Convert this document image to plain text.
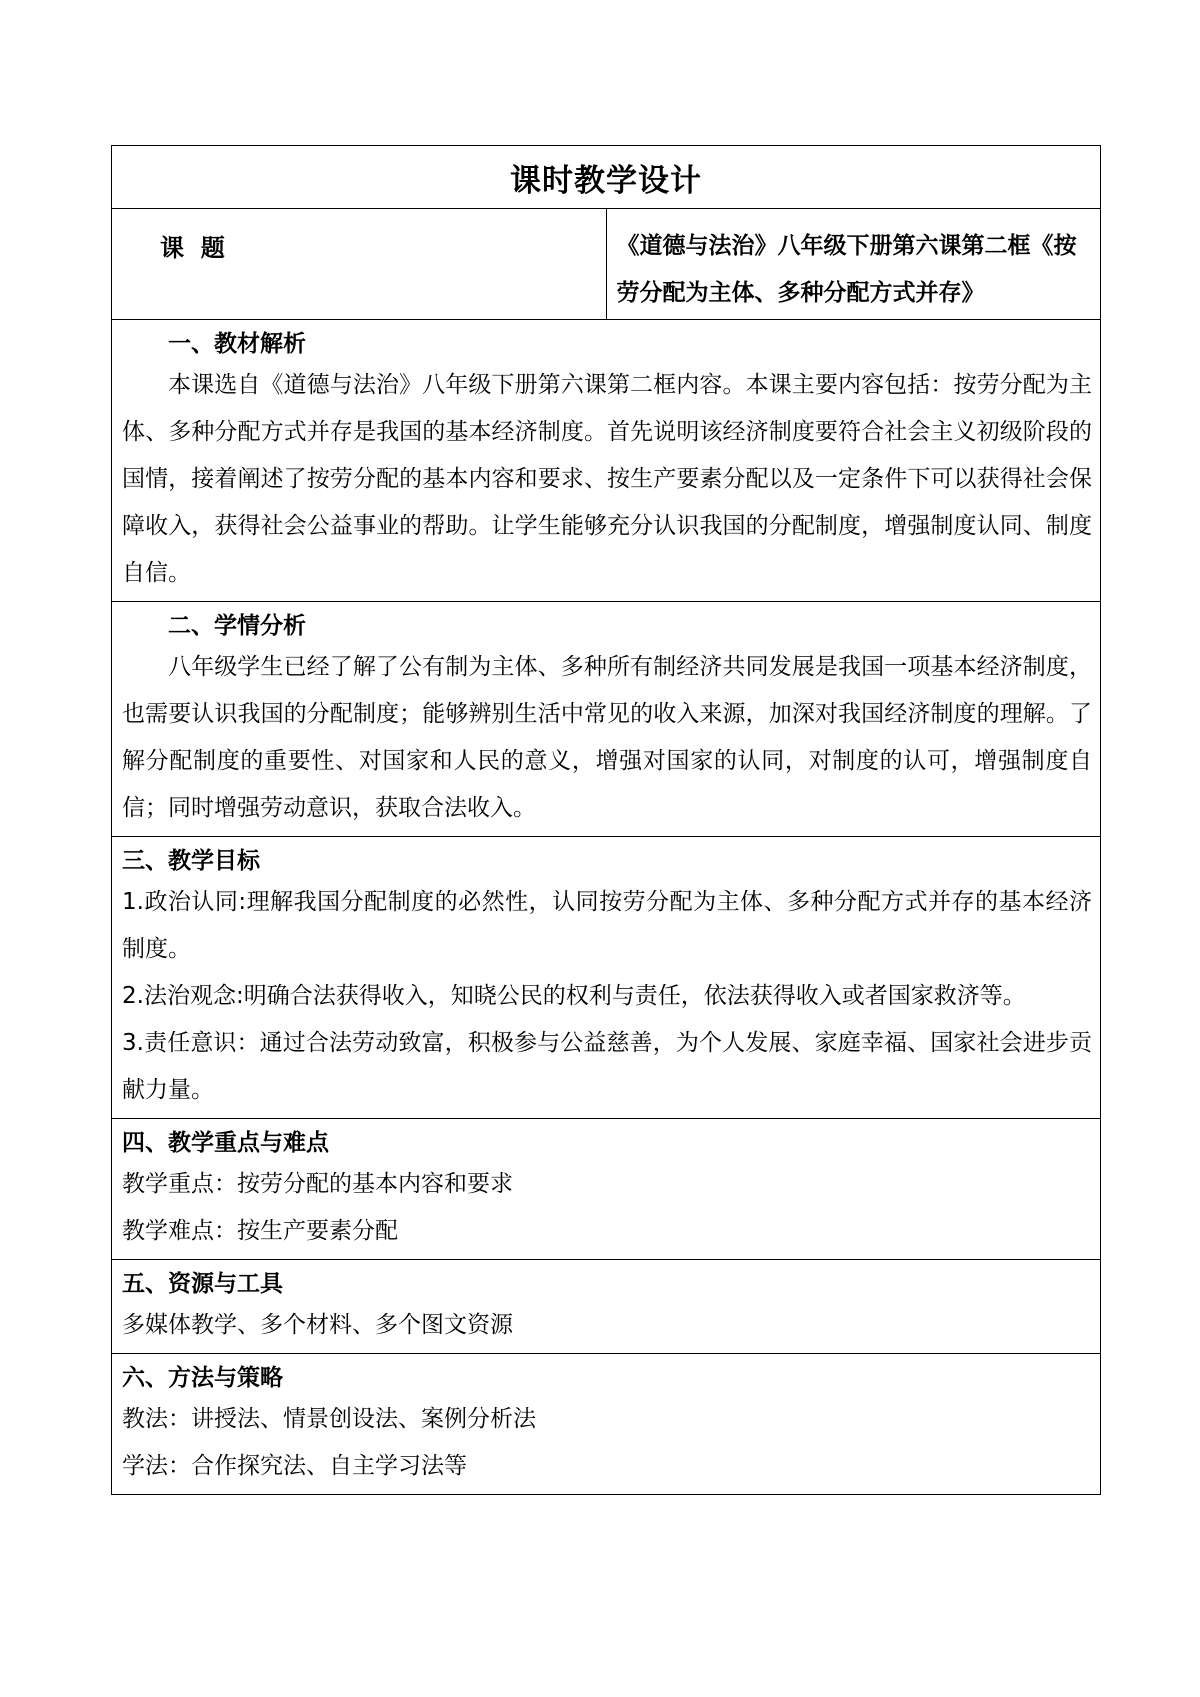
课时教学设计

课  题	《道德与法治》八年级下册第六课第二框《按劳分配为主体、多种分配方式并存》

一、教材解析

本课选自《道德与法治》八年级下册第六课第二框内容。本课主要内容包括：按劳分配为主体、多种分配方式并存是我国的基本经济制度。首先说明该经济制度要符合社会主义初级阶段的国情，接着阐述了按劳分配的基本内容和要求、按生产要素分配以及一定条件下可以获得社会保障收入，获得社会公益事业的帮助。让学生能够充分认识我国的分配制度，增强制度认同、制度自信。

二、学情分析

八年级学生已经了解了公有制为主体、多种所有制经济共同发展是我国一项基本经济制度，也需要认识我国的分配制度；能够辨别生活中常见的收入来源，加深对我国经济制度的理解。了解分配制度的重要性、对国家和人民的意义，增强对国家的认同，对制度的认可，增强制度自信；同时增强劳动意识，获取合法收入。

三、教学目标

1.政治认同:理解我国分配制度的必然性，认同按劳分配为主体、多种分配方式并存的基本经济制度。

2.法治观念:明确合法获得收入，知晓公民的权利与责任，依法获得收入或者国家救济等。

3.责任意识：通过合法劳动致富，积极参与公益慈善，为个人发展、家庭幸福、国家社会进步贡献力量。

四、教学重点与难点

教学重点：按劳分配的基本内容和要求

教学难点：按生产要素分配

五、资源与工具

多媒体教学、多个材料、多个图文资源

六、方法与策略

教法：讲授法、情景创设法、案例分析法

学法：合作探究法、自主学习法等
